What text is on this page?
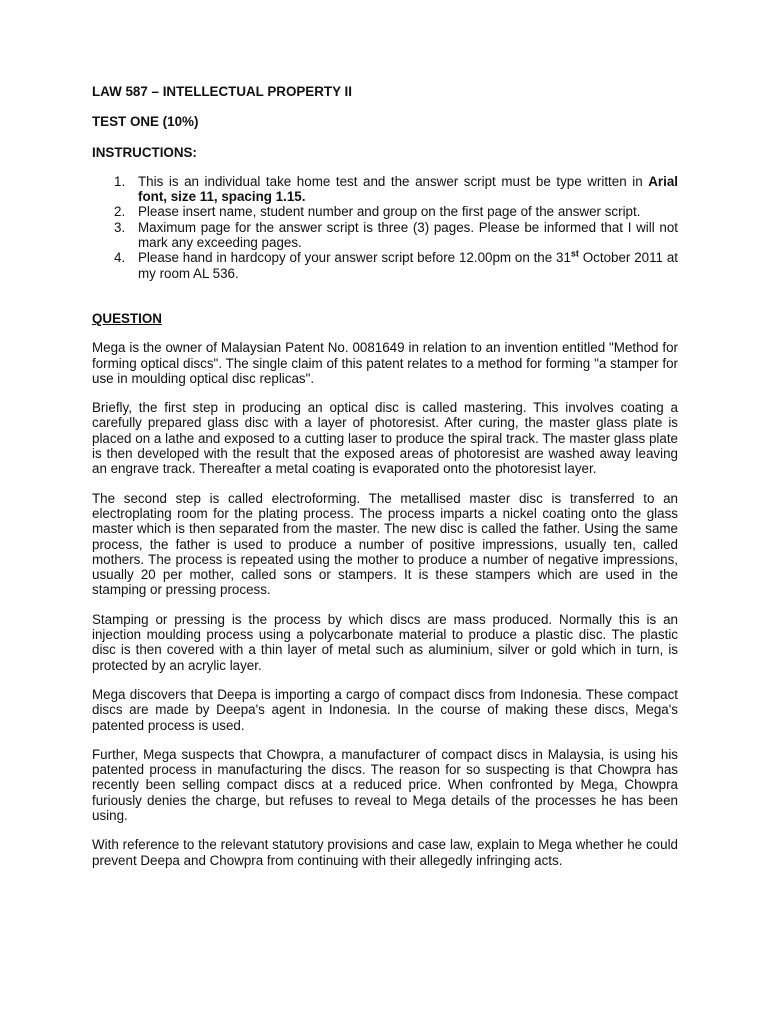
LAW 587 – INTELLECTUAL PROPERTY II

TEST ONE (10%)

INSTRUCTIONS:

1. This is an individual take home test and the answer script must be type written in Arial font, size 11, spacing 1.15.
2. Please insert name, student number and group on the first page of the answer script.
3. Maximum page for the answer script is three (3) pages. Please be informed that I will not mark any exceeding pages.
4. Please hand in hardcopy of your answer script before 12.00pm on the 31st October 2011 at my room AL 536.

QUESTION

Mega is the owner of Malaysian Patent No. 0081649 in relation to an invention entitled "Method for forming optical discs". The single claim of this patent relates to a method for forming "a stamper for use in moulding optical disc replicas".

Briefly, the first step in producing an optical disc is called mastering. This involves coating a carefully prepared glass disc with a layer of photoresist. After curing, the master glass plate is placed on a lathe and exposed to a cutting laser to produce the spiral track. The master glass plate is then developed with the result that the exposed areas of photoresist are washed away leaving an engrave track. Thereafter a metal coating is evaporated onto the photoresist layer.

The second step is called electroforming. The metallised master disc is transferred to an electroplating room for the plating process. The process imparts a nickel coating onto the glass master which is then separated from the master. The new disc is called the father. Using the same process, the father is used to produce a number of positive impressions, usually ten, called mothers. The process is repeated using the mother to produce a number of negative impressions, usually 20 per mother, called sons or stampers. It is these stampers which are used in the stamping or pressing process.

Stamping or pressing is the process by which discs are mass produced. Normally this is an injection moulding process using a polycarbonate material to produce a plastic disc. The plastic disc is then covered with a thin layer of metal such as aluminium, silver or gold which in turn, is protected by an acrylic layer.

Mega discovers that Deepa is importing a cargo of compact discs from Indonesia. These compact discs are made by Deepa's agent in Indonesia. In the course of making these discs, Mega's patented process is used.

Further, Mega suspects that Chowpra, a manufacturer of compact discs in Malaysia, is using his patented process in manufacturing the discs. The reason for so suspecting is that Chowpra has recently been selling compact discs at a reduced price. When confronted by Mega, Chowpra furiously denies the charge, but refuses to reveal to Mega details of the processes he has been using.

With reference to the relevant statutory provisions and case law, explain to Mega whether he could prevent Deepa and Chowpra from continuing with their allegedly infringing acts.
